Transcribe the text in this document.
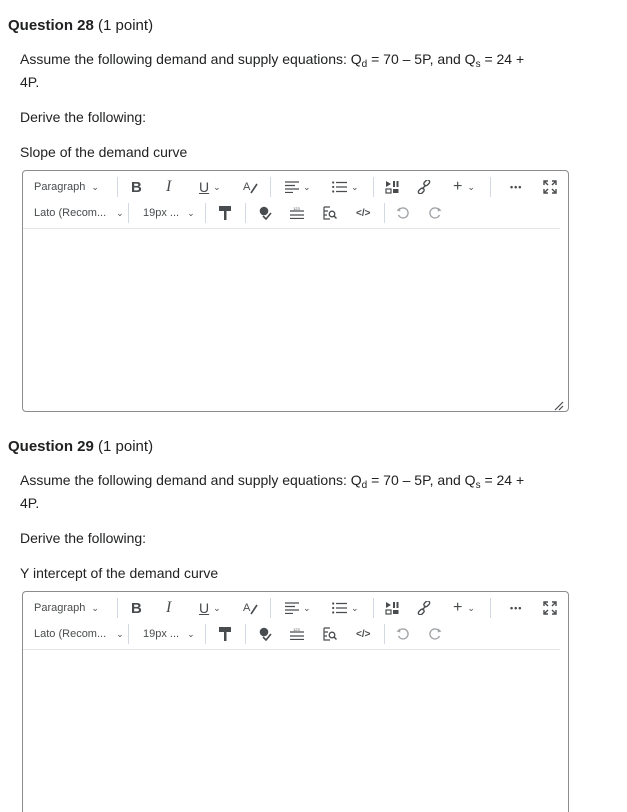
Question 28 (1 point)
Assume the following demand and supply equations: $Q_d = 70 - 5P$, and $Q_s = 24$ +
4P.
Derive the following:
Slope of the demand curve
Paragraph ⌄ B I U ⌄ A	⌄	⌄	+ ⌄	•••
Lato (Recom... ⌄ 19px ... ⌄	123	</>
Question 29 (1 point)
Assume the following demand and supply equations: $Q_d = 70 - 5P$, and $Q_s = 24$ +
4P.
Derive the following:
Y intercept of the demand curve
Paragraph ⌄ B I U ⌄ A	⌄	⌄	+ ⌄	•••
Lato (Recom... ⌄ 19px ... ⌄	123	</>
